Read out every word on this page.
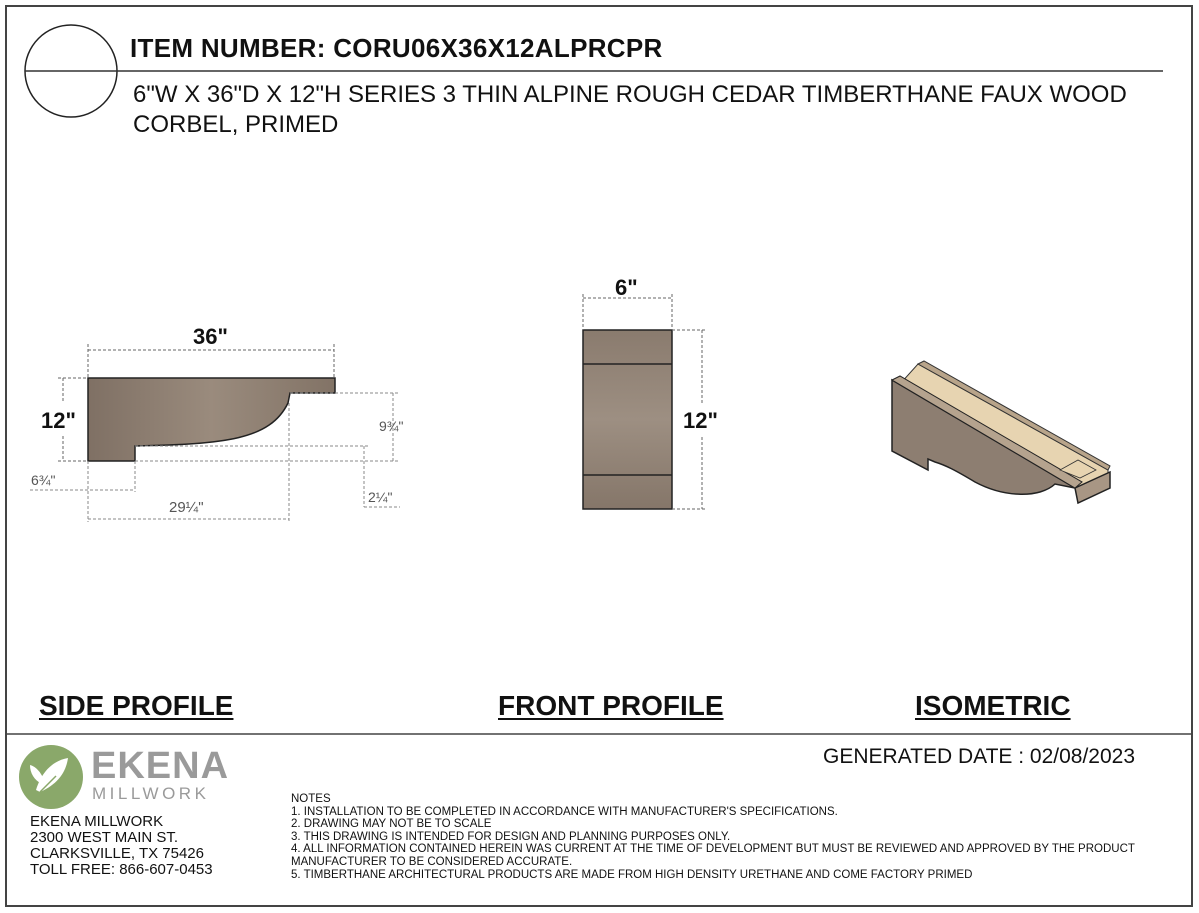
ITEM NUMBER: CORU06X36X12ALPRCPR
6"W X 36"D X 12"H SERIES 3 THIN ALPINE ROUGH CEDAR TIMBERTHANE FAUX WOOD CORBEL, PRIMED
36"
12"	9¾"
6¾"
29¼"
2¼"
6"
12"
SIDE PROFILE	FRONT PROFILE	ISOMETRIC
GENERATED DATE : 02/08/2023
EKENA
MILLWORK
EKENA MILLWORK
2300 WEST MAIN ST.
CLARKSVILLE, TX 75426
TOLL FREE: 866-607-0453
NOTES
1. INSTALLATION TO BE COMPLETED IN ACCORDANCE WITH MANUFACTURER'S SPECIFICATIONS.
2. DRAWING MAY NOT BE TO SCALE
3. THIS DRAWING IS INTENDED FOR DESIGN AND PLANNING PURPOSES ONLY.
4. ALL INFORMATION CONTAINED HEREIN WAS CURRENT AT THE TIME OF DEVELOPMENT BUT MUST BE REVIEWED AND APPROVED BY THE PRODUCT MANUFACTURER TO BE CONSIDERED ACCURATE.
5. TIMBERTHANE ARCHITECTURAL PRODUCTS ARE MADE FROM HIGH DENSITY URETHANE AND COME FACTORY PRIMED
